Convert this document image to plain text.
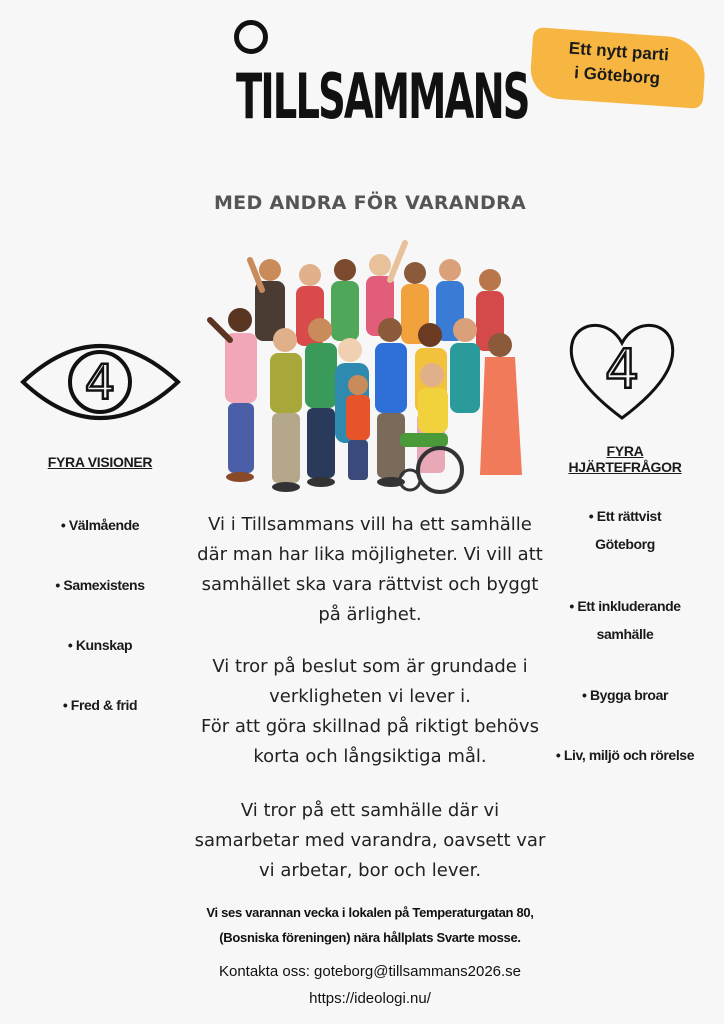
TILLSAMMANS
MED ANDRA FÖR VARANDRA
Ett nytt parti
i Göteborg
4	4
FYRA VISIONER
• Välmående
• Samexistens
• Kunskap
• Fred & frid
FYRA HJÄRTEFRÅGOR
• Ett rättvist
Göteborg
• Ett inkluderande
samhälle
• Bygga broar
• Liv, miljö och rörelse
Vi i Tillsammans vill ha ett samhälle
där man har lika möjligheter. Vi vill att
samhället ska vara rättvist och byggt
på ärlighet.
Vi tror på beslut som är grundade i
verkligheten vi lever i.
För att göra skillnad på riktigt behövs
korta och långsiktiga mål.
Vi tror på ett samhälle där vi
samarbetar med varandra, oavsett var
vi arbetar, bor och lever.
Vi ses varannan vecka i lokalen på Temperaturgatan 80,
(Bosniska föreningen) nära hållplats Svarte mosse.
Kontakta oss: goteborg@tillsammans2026.se
https://ideologi.nu/
